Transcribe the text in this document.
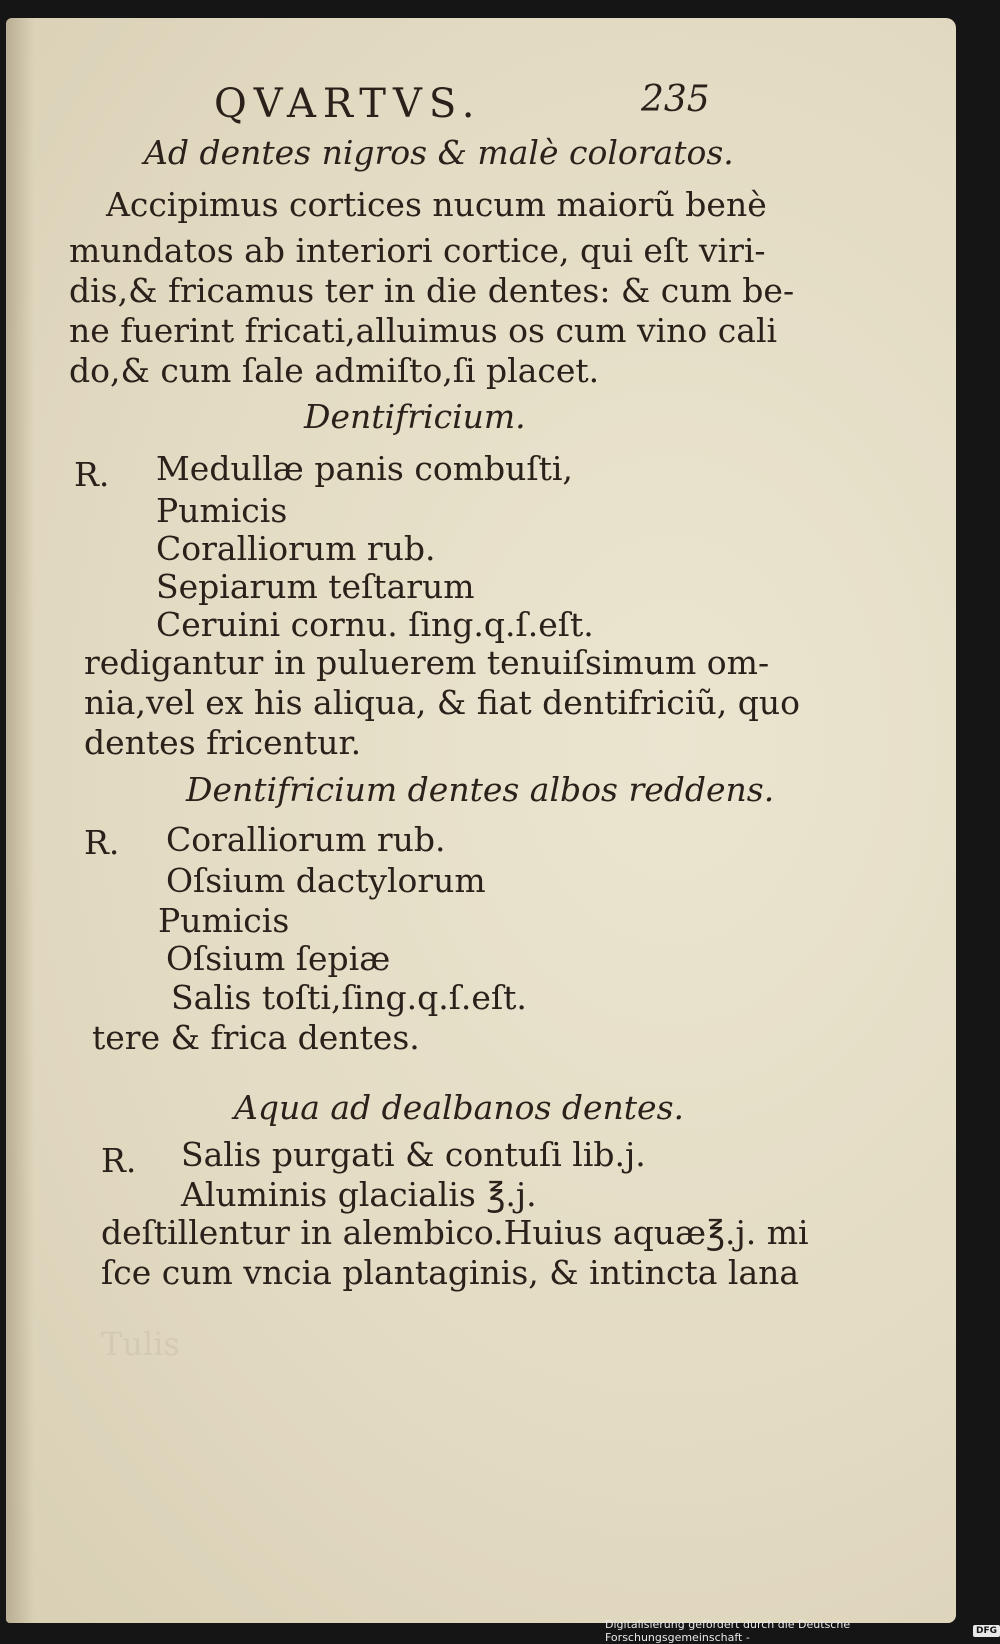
Tulis
QVARTVS.	235
Ad dentes nigros & malè coloratos.
Accipimus cortices nucum maiorũ benè
mundatos ab interiori cortice, qui eſt viri-
dis,& fricamus ter in die dentes: & cum be-
ne fuerint fricati,alluimus os cum vino cali
do,& cum ſale admiſto,ſi placet.
Dentifricium.
R. Medullæ panis combuſti,
Pumicis
Coralliorum rub.
Sepiarum teſtarum
Ceruini cornu. ſing.q.ſ.eſt.
redigantur in puluerem tenuiſsimum om-
nia,vel ex his aliqua, & fiat dentifriciũ, quo
dentes fricentur.
Dentifricium dentes albos reddens.
R. Coralliorum rub.
Oſsium dactylorum
Pumicis
Oſsium ſepiæ
Salis toſti,ſing.q.ſ.eſt.
tere & frica dentes.
Aqua ad dealbanos dentes.
R. Salis purgati & contuſi lib.j.
Aluminis glacialis ℥.j.
deſtillentur in alembico.Huius aquæ℥.j. mi
ſce cum vncia plantaginis, & intincta lana
Digitalisierung gefördert durch die Deutsche Forschungsgemeinschaft -	DFG
